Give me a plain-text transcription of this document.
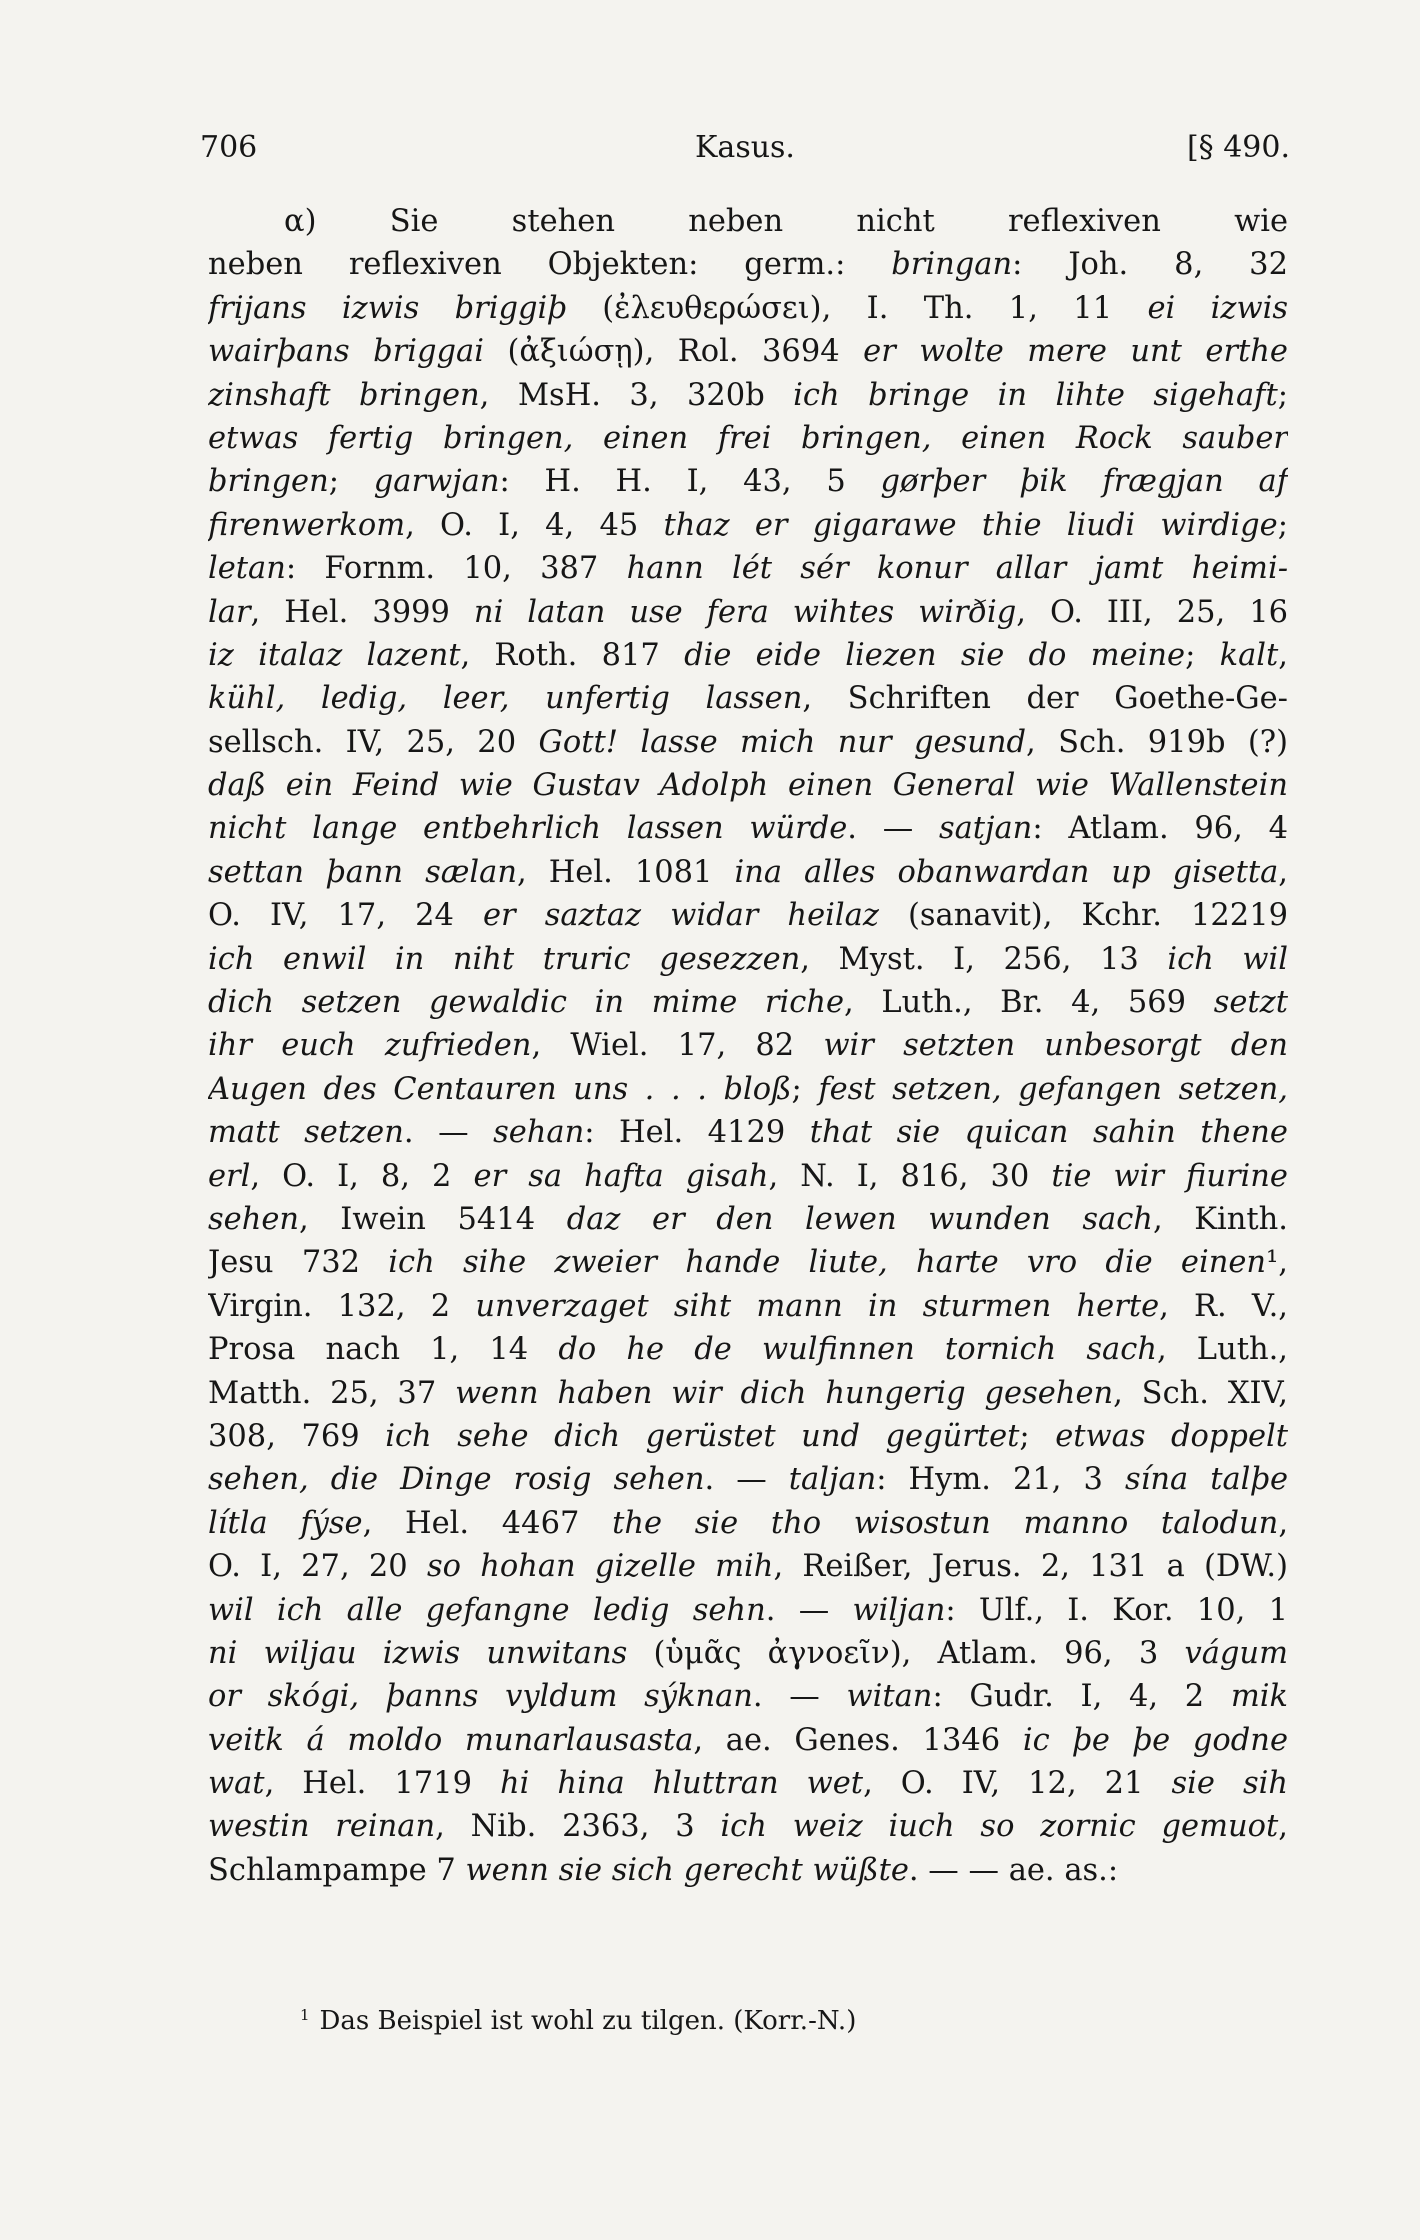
706	Kasus.	[§ 490.
α) Sie stehen neben nicht reflexiven wie
neben reflexiven Objekten: germ.: bringan: Joh. 8, 32
frijans izwis briggiþ (ἐλευθερώσει), I. Th. 1, 11 ei izwis
wairþans briggai (ἀξιώσῃ), Rol. 3694 er wolte mere unt erthe
zinshaft bringen, MsH. 3, 320b ich bringe in lihte sigehaft;
etwas fertig bringen, einen frei bringen, einen Rock sauber
bringen; garwjan: H. H. I, 43, 5 gørþer þik frægjan af
firenwerkom, O. I, 4, 45 thaz er gigarawe thie liudi wirdige;
letan: Fornm. 10, 387 hann lét sér konur allar jamt heimi-
lar, Hel. 3999 ni latan use fera wihtes wirðig, O. III, 25, 16
iz italaz lazent, Roth. 817 die eide liezen sie do meine; kalt,
kühl, ledig, leer, unfertig lassen, Schriften der Goethe-Ge-
sellsch. IV, 25, 20 Gott! lasse mich nur gesund, Sch. 919b (?)
daß ein Feind wie Gustav Adolph einen General wie Wallenstein
nicht lange entbehrlich lassen würde. — satjan: Atlam. 96, 4
settan þann sælan, Hel. 1081 ina alles obanwardan up gisetta,
O. IV, 17, 24 er saztaz widar heilaz (sanavit), Kchr. 12219
ich enwil in niht truric gesezzen, Myst. I, 256, 13 ich wil
dich setzen gewaldic in mime riche, Luth., Br. 4, 569 setzt
ihr euch zufrieden, Wiel. 17, 82 wir setzten unbesorgt den
Augen des Centauren uns . . . bloß; fest setzen, gefangen setzen,
matt setzen. — sehan: Hel. 4129 that sie quican sahin thene
erl, O. I, 8, 2 er sa hafta gisah, N. I, 816, 30 tie wir fiurine
sehen, Iwein 5414 daz er den lewen wunden sach, Kinth.
Jesu 732 ich sihe zweier hande liute, harte vro die einen¹,
Virgin. 132, 2 unverzaget siht mann in sturmen herte, R. V.,
Prosa nach 1, 14 do he de wulfinnen tornich sach, Luth.,
Matth. 25, 37 wenn haben wir dich hungerig gesehen, Sch. XIV,
308, 769 ich sehe dich gerüstet und gegürtet; etwas doppelt
sehen, die Dinge rosig sehen. — taljan: Hym. 21, 3 sína talþe
lítla fýse, Hel. 4467 the sie tho wisostun manno talodun,
O. I, 27, 20 so hohan gizelle mih, Reißer, Jerus. 2, 131 a (DW.)
wil ich alle gefangne ledig sehn. — wiljan: Ulf., I. Kor. 10, 1
ni wiljau izwis unwitans (ὑμᾶς ἀγνοεῖν), Atlam. 96, 3 vágum
or skógi, þanns vyldum sýknan. — witan: Gudr. I, 4, 2 mik
veitk á moldo munarlausasta, ae. Genes. 1346 ic þe þe godne
wat, Hel. 1719 hi hina hluttran wet, O. IV, 12, 21 sie sih
westin reinan, Nib. 2363, 3 ich weiz iuch so zornic gemuot,
Schlampampe 7 wenn sie sich gerecht wüßte. — — ae. as.:
$^1$ Das Beispiel ist wohl zu tilgen. (Korr.-N.)
